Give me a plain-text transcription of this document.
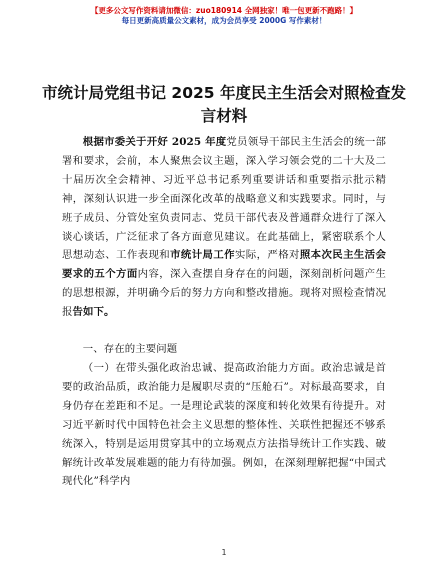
【更多公文写作资料请加微信：zuo180914 全网独家！唯一包更新不跑路！】
每日更新高质量公文素材，成为会员享受 2000G 写作素材！
市统计局党组书记 2025 年度民主生活会对照检查发言材料

根据市委关于开好 2025 年度党员领导干部民主生活会的统一部署和要求，会前，本人聚焦会议主题，深入学习领会党的二十大及二十届历次全会精神、习近平总书记系列重要讲话和重要指示批示精神，深刻认识进一步全面深化改革的战略意义和实践要求。同时，与班子成员、分管处室负责同志、党员干部代表及普通群众进行了深入谈心谈话，广泛征求了各方面意见建议。在此基础上，紧密联系个人思想动态、工作表现和市统计局工作实际，严格对照本次民主生活会要求的五个方面内容，深入查摆自身存在的问题，深刻剖析问题产生的思想根源，并明确今后的努力方向和整改措施。现将对照检查情况报告如下。

一、存在的主要问题

（一）在带头强化政治忠诚、提高政治能力方面。政治忠诚是首要的政治品质，政治能力是履职尽责的“压舱石”。对标最高要求，自身仍存在差距和不足。一是理论武装的深度和转化效果有待提升。对习近平新时代中国特色社会主义思想的整体性、关联性把握还不够系统深入，特别是运用贯穿其中的立场观点方法指导统计工作实践、破解统计改革发展难题的能力有待加强。例如，在深刻理解把握“中国式现代化”科学内

1
